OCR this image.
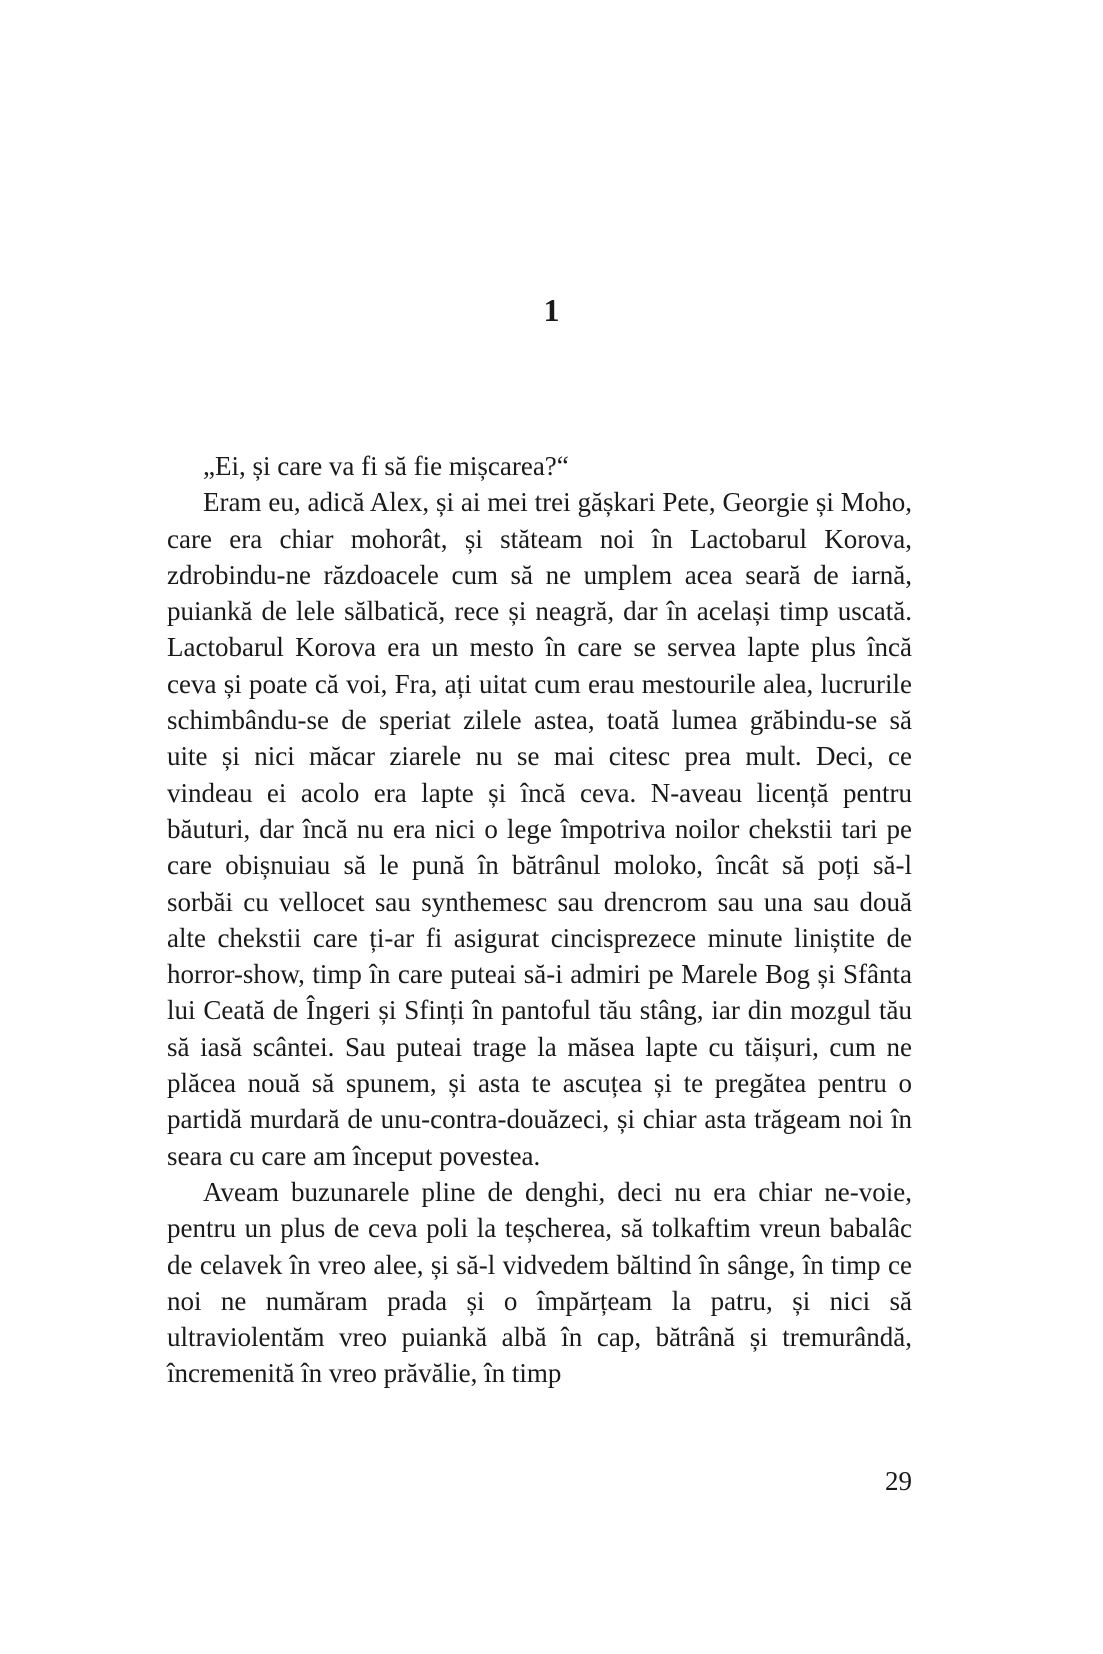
1

„Ei, și care va fi să fie mișcarea?“

Eram eu, adică Alex, și ai mei trei gășkari Pete, Georgie și Moho, care era chiar mohorât, și stăteam noi în Lactobarul Korova, zdrobindu-ne răzdoacele cum să ne umplem acea seară de iarnă, puiankă de lele sălbatică, rece și neagră, dar în același timp uscată. Lactobarul Korova era un mesto în care se servea lapte plus încă ceva și poate că voi, Fra, ați uitat cum erau mestourile alea, lucrurile schimbându-se de speriat zilele astea, toată lumea grăbindu-se să uite și nici măcar ziarele nu se mai citesc prea mult. Deci, ce vindeau ei acolo era lapte și încă ceva. N-aveau licență pentru băuturi, dar încă nu era nici o lege împotriva noilor chekstii tari pe care obișnuiau să le pună în bătrânul moloko, încât să poți să-l sorbăi cu vellocet sau synthemesc sau drencrom sau una sau două alte chekstii care ți-ar fi asigurat cincisprezece minute liniștite de horror-show, timp în care puteai să-i admiri pe Marele Bog și Sfânta lui Ceată de Îngeri și Sfinți în pantoful tău stâng, iar din mozgul tău să iasă scântei. Sau puteai trage la măsea lapte cu tăișuri, cum ne plăcea nouă să spunem, și asta te ascuțea și te pregătea pentru o partidă murdară de unu-contra-douăzeci, și chiar asta trăgeam noi în seara cu care am început povestea.

Aveam buzunarele pline de denghi, deci nu era chiar ne-voie, pentru un plus de ceva poli la teșcherea, să tolkaftim vreun babalâc de celavek în vreo alee, și să-l vidvedem băltind în sânge, în timp ce noi ne număram prada și o împărțeam la patru, și nici să ultraviolentăm vreo puiankă albă în cap, bătrână și tremurândă, încremenită în vreo prăvălie, în timp

29
